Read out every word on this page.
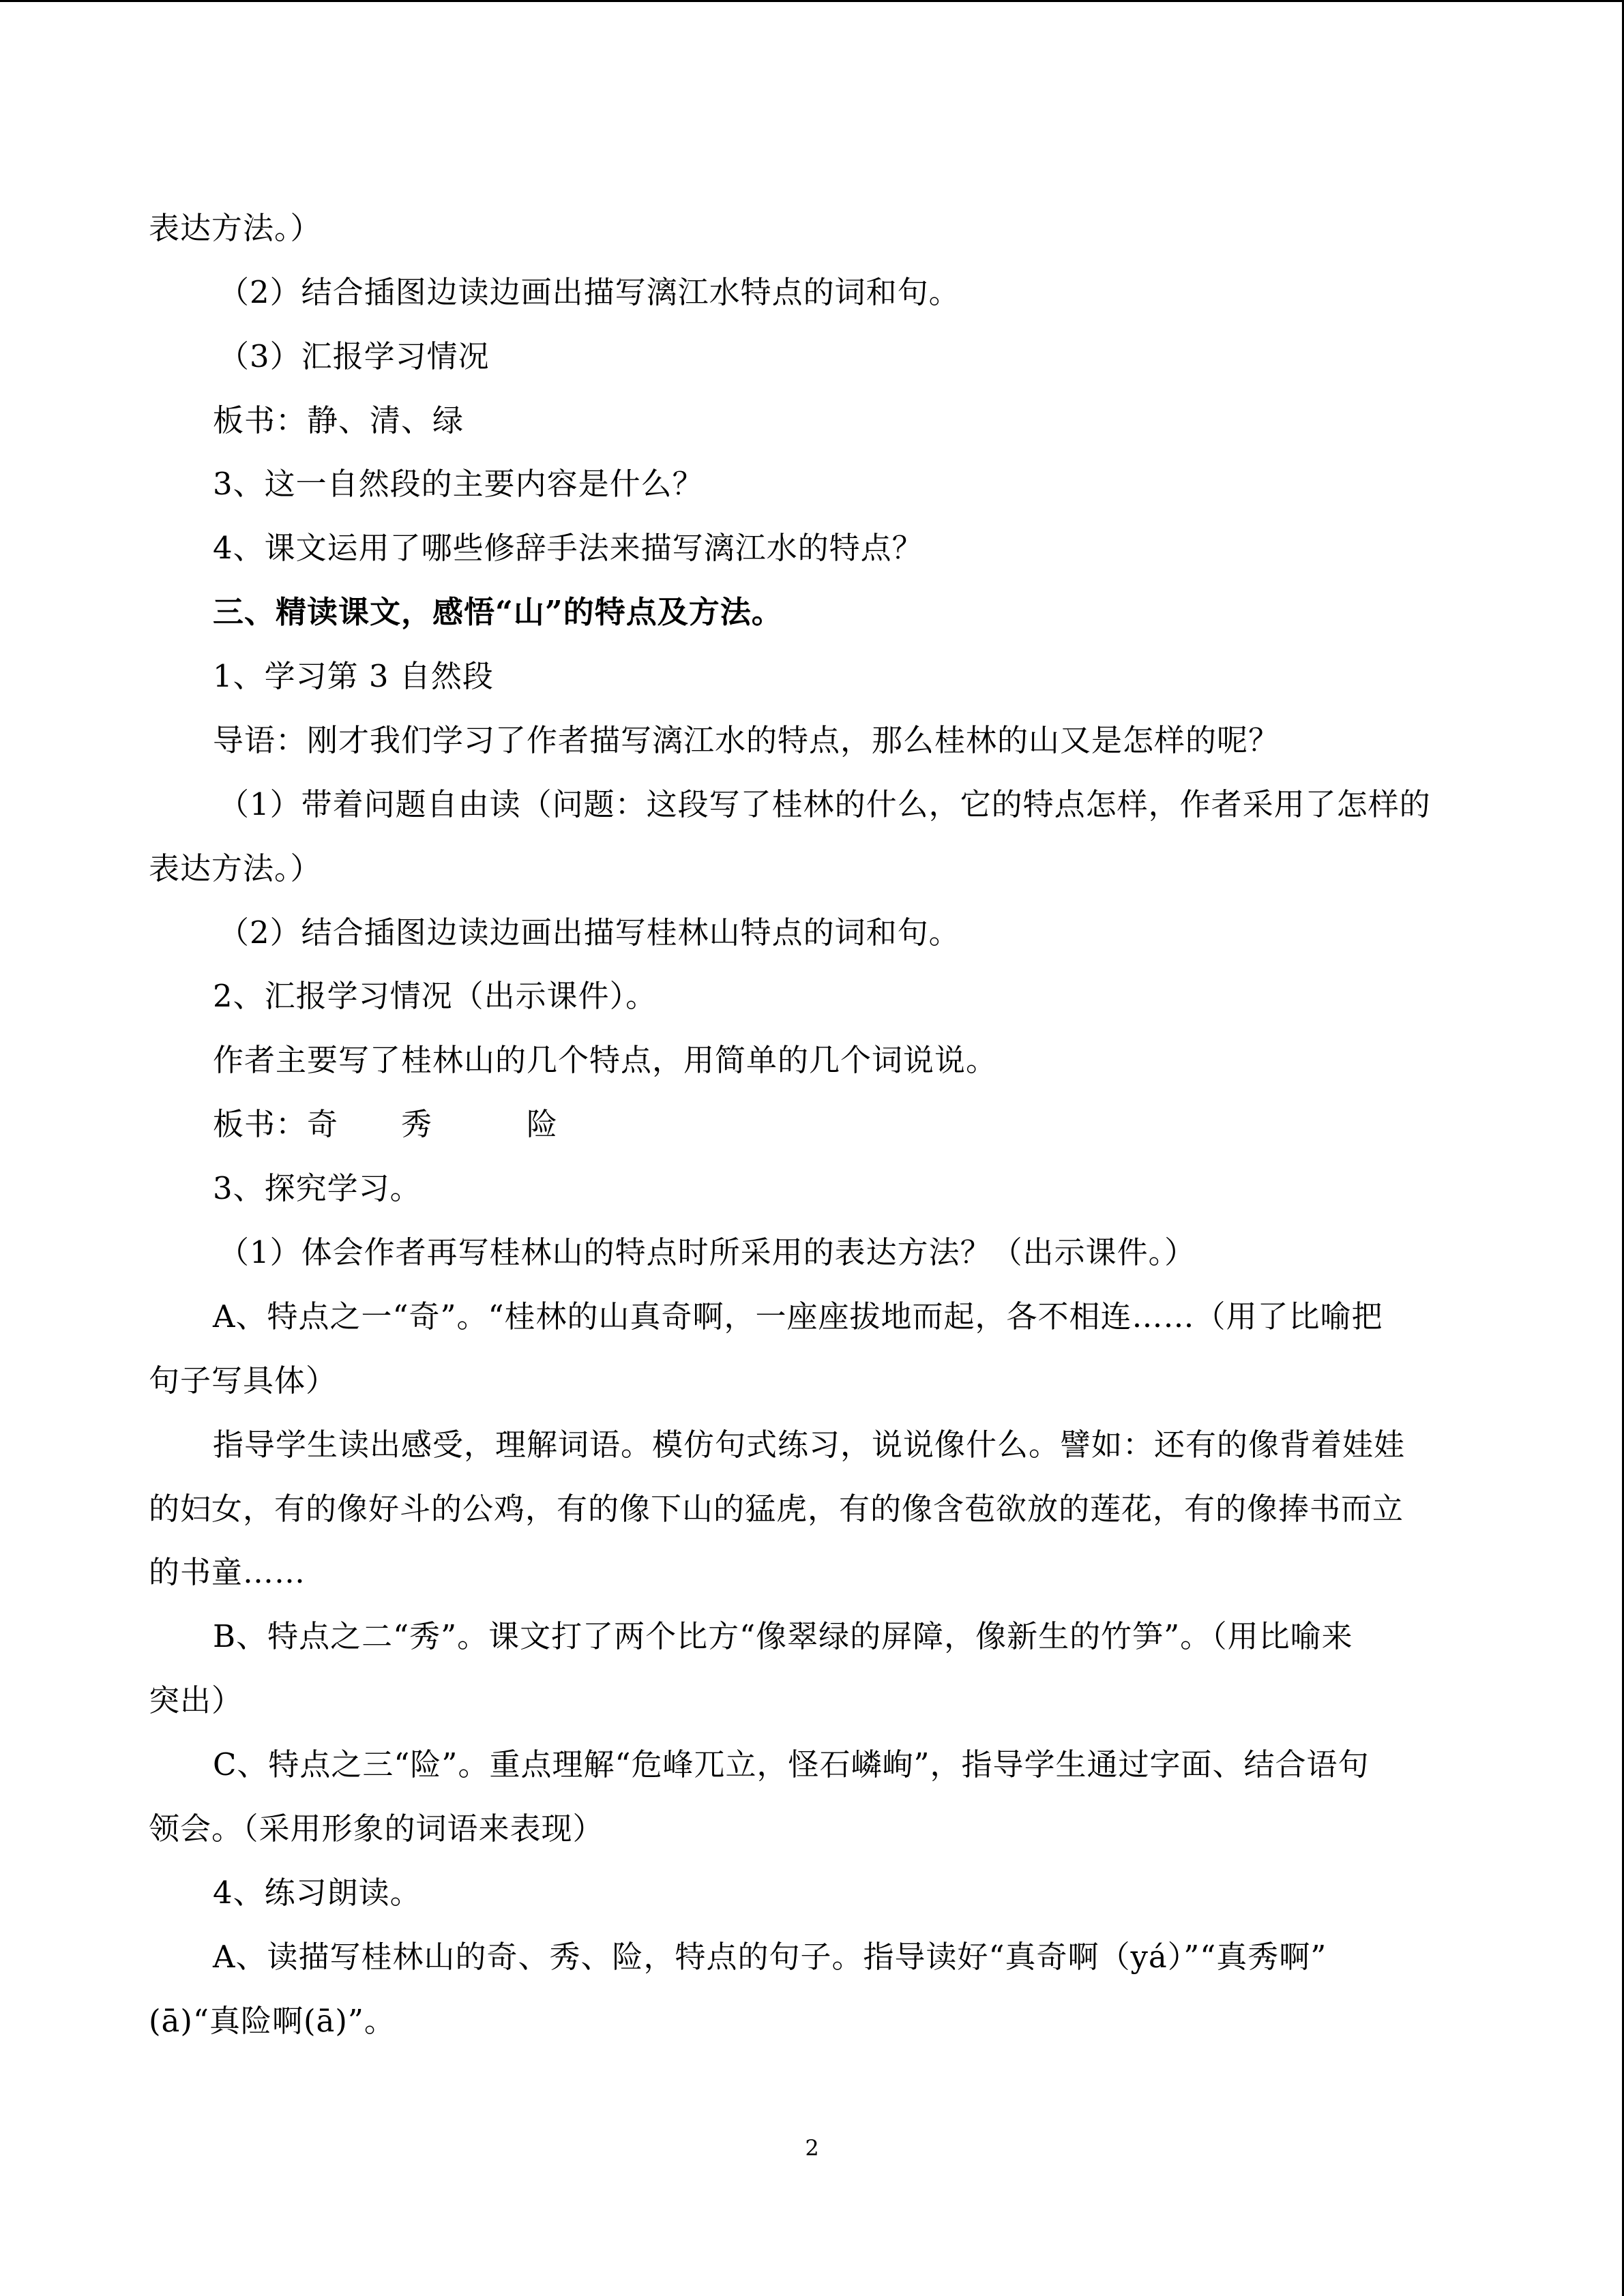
表达方法。）
（2）结合插图边读边画出描写漓江水特点的词和句。
（3）汇报学习情况
板书：静、清、绿
3、这一自然段的主要内容是什么？
4、课文运用了哪些修辞手法来描写漓江水的特点？
三、精读课文，感悟“山”的特点及方法。
1、学习第 3 自然段
导语：刚才我们学习了作者描写漓江水的特点，那么桂林的山又是怎样的呢？
（1）带着问题自由读（问题：这段写了桂林的什么，它的特点怎样，作者采用了怎样的
表达方法。）
（2）结合插图边读边画出描写桂林山特点的词和句。
2、汇报学习情况（出示课件）。
作者主要写了桂林山的几个特点，用简单的几个词说说。
板书：奇　　秀　　　险
3、探究学习。
（1）体会作者再写桂林山的特点时所采用的表达方法？（出示课件。）
A、特点之一“奇”。“桂林的山真奇啊，一座座拔地而起，各不相连……（用了比喻把
句子写具体）
指导学生读出感受，理解词语。模仿句式练习，说说像什么。譬如：还有的像背着娃娃
的妇女，有的像好斗的公鸡，有的像下山的猛虎，有的像含苞欲放的莲花，有的像捧书而立
的书童……
B、特点之二“秀”。课文打了两个比方“像翠绿的屏障，像新生的竹笋”。（用比喻来
突出）
C、特点之三“险”。重点理解“危峰兀立，怪石嶙峋”，指导学生通过字面、结合语句
领会。（采用形象的词语来表现）
4、练习朗读。
A、读描写桂林山的奇、秀、险，特点的句子。指导读好“真奇啊（yá）”“真秀啊”
(ā)“真险啊(ā)”。
2
